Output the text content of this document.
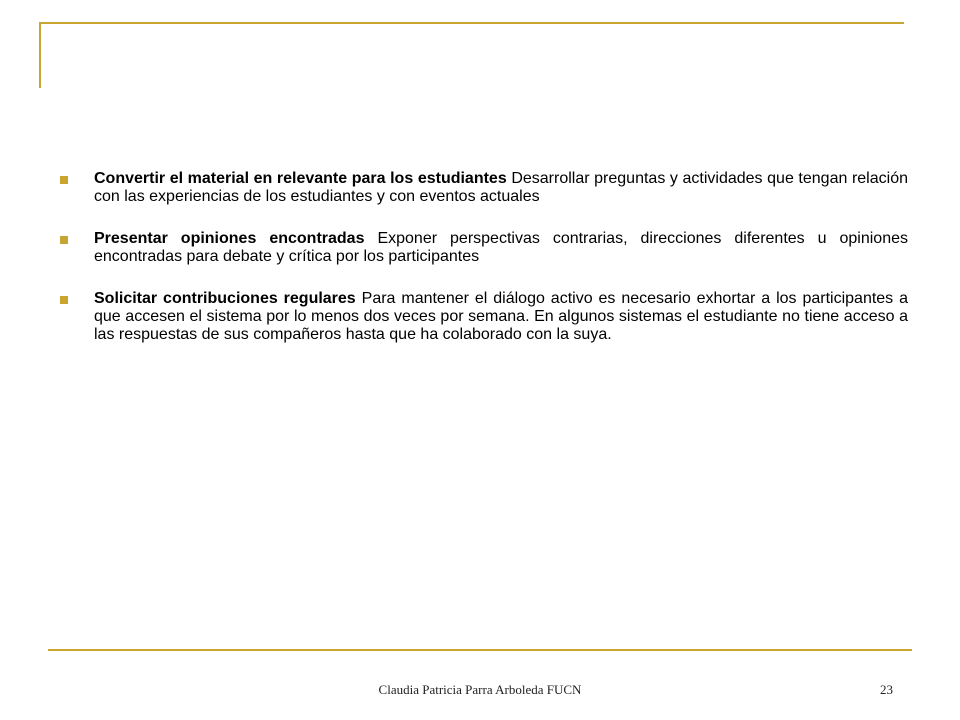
Convertir el material en relevante para los estudiantes Desarrollar preguntas y actividades que tengan relación con las experiencias de los estudiantes y con eventos actuales
Presentar opiniones encontradas Exponer perspectivas contrarias, direcciones diferentes u opiniones encontradas para debate y crítica por los participantes
Solicitar contribuciones regulares Para mantener el diálogo activo es necesario exhortar a los participantes a que accesen el sistema por lo menos dos veces por semana. En algunos sistemas el estudiante no tiene acceso a las respuestas de sus compañeros hasta que ha colaborado con la suya.
Claudia Patricia Parra Arboleda FUCN	23
